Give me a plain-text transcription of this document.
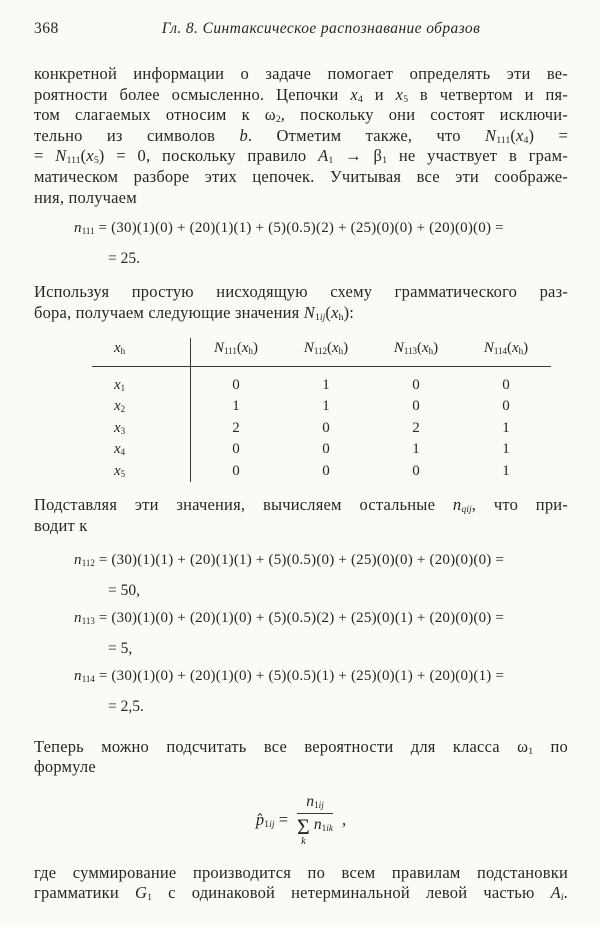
368	Гл. 8. Синтаксическое распознавание образов
конкретной информации о задаче помогает определять эти ве-
роятности более осмысленно. Цепочки $x_4$ и $x_5$ в четвертом и пя-
том слагаемых относим к $\omega_2$, поскольку они состоят исключи-
тельно из символов b. Отметим также, что $N_{111}(x_4)$ =
= $N_{111}(x_5) = 0$, поскольку правило $A_1 \to \beta_1$ не участвует в грам-
матическом разборе этих цепочек. Учитывая все эти соображе-
ния, получаем
$n_{111} = (30)(1)(0) + (20)(1)(1) + (5)(0.5)(2) + (25)(0)(0) + (20)(0)(0)$ =
= 25.
Используя простую нисходящую схему грамматического раз-
бора, получаем следующие значения $N_{1ij}(x_h)$:
$x_h$	$N_{111}(x_h)$	$N_{112}(x_h)$	$N_{113}(x_h)$	$N_{114}(x_h)$
$x_1$	0	1	0	0
$x_2$	1	1	0	0
$x_3$	2	0	2	1
$x_4$	0	0	1	1
$x_5$	0	0	0	1
Подставляя эти значения, вычисляем остальные $n_{qij}$, что при-
водит к
$n_{112} = (30)(1)(1) + (20)(1)(1) + (5)(0.5)(0) + (25)(0)(0) + (20)(0)(0)$ =
= 50,
$n_{113} = (30)(1)(0) + (20)(1)(0) + (5)(0.5)(2) + (25)(0)(1) + (20)(0)(0)$ =
= 5,
$n_{114} = (30)(1)(0) + (20)(1)(0) + (5)(0.5)(1) + (25)(0)(1) + (20)(0)(1)$ =
= 2,5.
Теперь можно подсчитать все вероятности для класса $\omega_1$ по
формуле
$p̂_{1ij} = n_{1ij}$
Σ
k
$n_{1ik}$ ,
где суммирование производится по всем правилам подстановки
грамматики $G_1$ с одинаковой нетерминальной левой частью $A_i$.
